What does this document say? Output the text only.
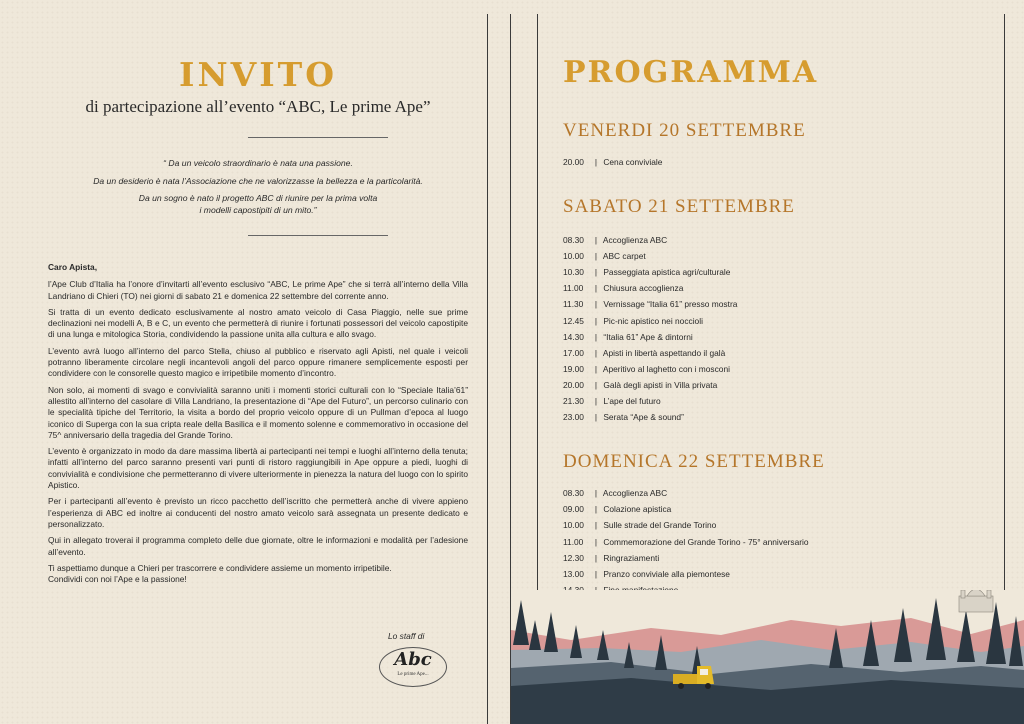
INVITO
di partecipazione all’evento “ABC, Le prime Ape”
“ Da un veicolo straordinario è nata una passione.
Da un desiderio è nata l’Associazione che ne valorizzasse la bellezza e la particolarità.
Da un sogno è nato il progetto ABC di riunire per la prima volta
i modelli capostipiti di un mito.”

Caro Apista,

l’Ape Club d’Italia ha l’onore d’invitarti all’evento esclusivo “ABC, Le prime Ape” che si terrà all’interno della Villa Landriano di Chieri (TO) nei giorni di sabato 21 e domenica 22 settembre del corrente anno.

Si tratta di un evento dedicato esclusivamente al nostro amato veicolo di Casa Piaggio, nelle sue prime declinazioni nei modelli A, B e C, un evento che permetterà di riunire i fortunati possessori del veicolo capostipite di una lunga e mitologica Storia, condividendo la passione unita alla cultura e allo svago.

L’evento avrà luogo all’interno del parco Stella, chiuso al pubblico e riservato agli Apisti, nel quale i veicoli potranno liberamente circolare negli incantevoli angoli del parco oppure rimanere semplicemente esposti per condividere con le consorelle questo magico e irripetibile momento d’incontro.

Non solo, ai momenti di svago e convivialità saranno uniti i momenti storici culturali con lo “Speciale Italia’61” allestito all’interno del casolare di Villa Landriano, la presentazione di “Ape del Futuro”, un percorso culinario con le specialità tipiche del Territorio, la visita a bordo del proprio veicolo oppure di un Pullman d’epoca al luogo iconico di Superga con la sua cripta reale della Basilica e il momento solenne e commemorativo in occasione del 75^ anniversario della tragedia del Grande Torino.

L’evento è organizzato in modo da dare massima libertà ai partecipanti nei tempi e luoghi all’interno della tenuta; infatti all’interno del parco saranno presenti vari punti di ristoro raggiungibili in Ape oppure a piedi, luoghi di convivialità e condivisione che permetteranno di vivere ulteriormente in pienezza la natura del luogo con lo spirito Apistico.

Per i partecipanti all’evento è previsto un ricco pacchetto dell’iscritto che permetterà anche di vivere appieno l’esperienza di ABC ed inoltre ai conducenti del nostro amato veicolo sarà assegnata un presente dedicato e personalizzato.

Qui in allegato troverai il programma completo delle due giornate, oltre le informazioni e modalità per l’adesione all’evento.

Ti aspettiamo dunque a Chieri per trascorrere e condividere assieme un momento irripetibile.

Condividi con noi l’Ape e la passione!

Lo staff di
Abc
Le prime Ape...
PROGRAMMA
VENERDI 20 SETTEMBRE
20.00 | Cena conviviale
SABATO 21 SETTEMBRE
08.30 | Accoglienza ABC
10.00 | ABC carpet
10.30 | Passeggiata apistica agri/culturale
11.00 | Chiusura accoglienza
11.30 | Vernissage “Italia 61” presso mostra
12.45 | Pic-nic apistico nei noccioli
14.30 | “Italia 61” Ape & dintorni
17.00 | Apisti in libertà aspettando il galà
19.00 | Aperitivo al laghetto con i mosconi
20.00 | Galà degli apisti in Villa privata
21.30 | L’ape del futuro
23.00 | Serata “Ape & sound”
DOMENICA 22 SETTEMBRE
08.30 | Accoglienza ABC
09.00 | Colazione apistica
10.00 | Sulle strade del Grande Torino
11.00 | Commemorazione del Grande Torino - 75° anniversario
12.30 | Ringraziamenti
13.00 | Pranzo conviviale alla piemontese
